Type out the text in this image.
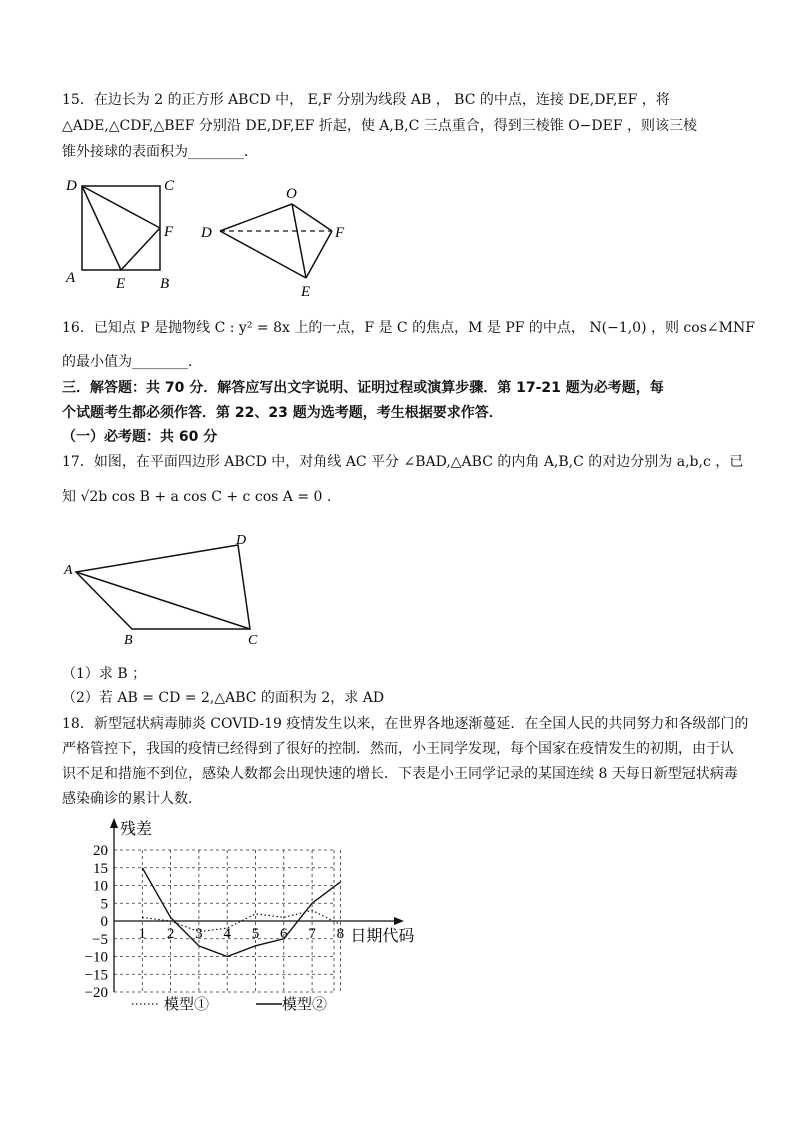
15．在边长为 2 的正方形 ABCD 中， E,F 分别为线段 AB ， BC 的中点，连接 DE,DF,EF ，将
△ADE,△CDF,△BEF 分别沿 DE,DF,EF 折起，使 A,B,C 三点重合，得到三棱锥 O−DEF ，则该三棱
锥外接球的表面积为________．
D	C
F
A	E B
O
D	F
E
16．已知点 P 是抛物线 C : y² = 8x 上的一点，F 是 C 的焦点，M 是 PF 的中点， N(−1,0) ，则 cos∠MNF
的最小值为________．
三．解答题：共 70 分．解答应写出文字说明、证明过程或演算步骤．第 17-21 题为必考题，每
个试题考生都必须作答．第 22、23 题为选考题，考生根据要求作答．
（一）必考题：共 60 分
17．如图，在平面四边形 ABCD 中，对角线 AC 平分 ∠BAD,△ABC 的内角 A,B,C 的对边分别为 a,b,c ，已
知 √2b cos B + a cos C + c cos A = 0 .
A
D
B	C
（1）求 B ；
（2）若 AB = CD = 2,△ABC 的面积为 2，求 AD
18．新型冠状病毒肺炎 COVID-19 疫情发生以来，在世界各地逐渐蔓延．在全国人民的共同努力和各级部门的
严格管控下，我国的疫情已经得到了很好的控制．然而，小王同学发现，每个国家在疫情发生的初期，由于认
识不足和措施不到位，感染人数都会出现快速的增长．下表是小王同学记录的某国连续 8 天每日新型冠状病毒
感染确诊的累计人数．
残差
日期代码
20
15
10
5
0
−5
−10
−15
−20
1 2 3 4 5 6 7 8
模型①	模型②
